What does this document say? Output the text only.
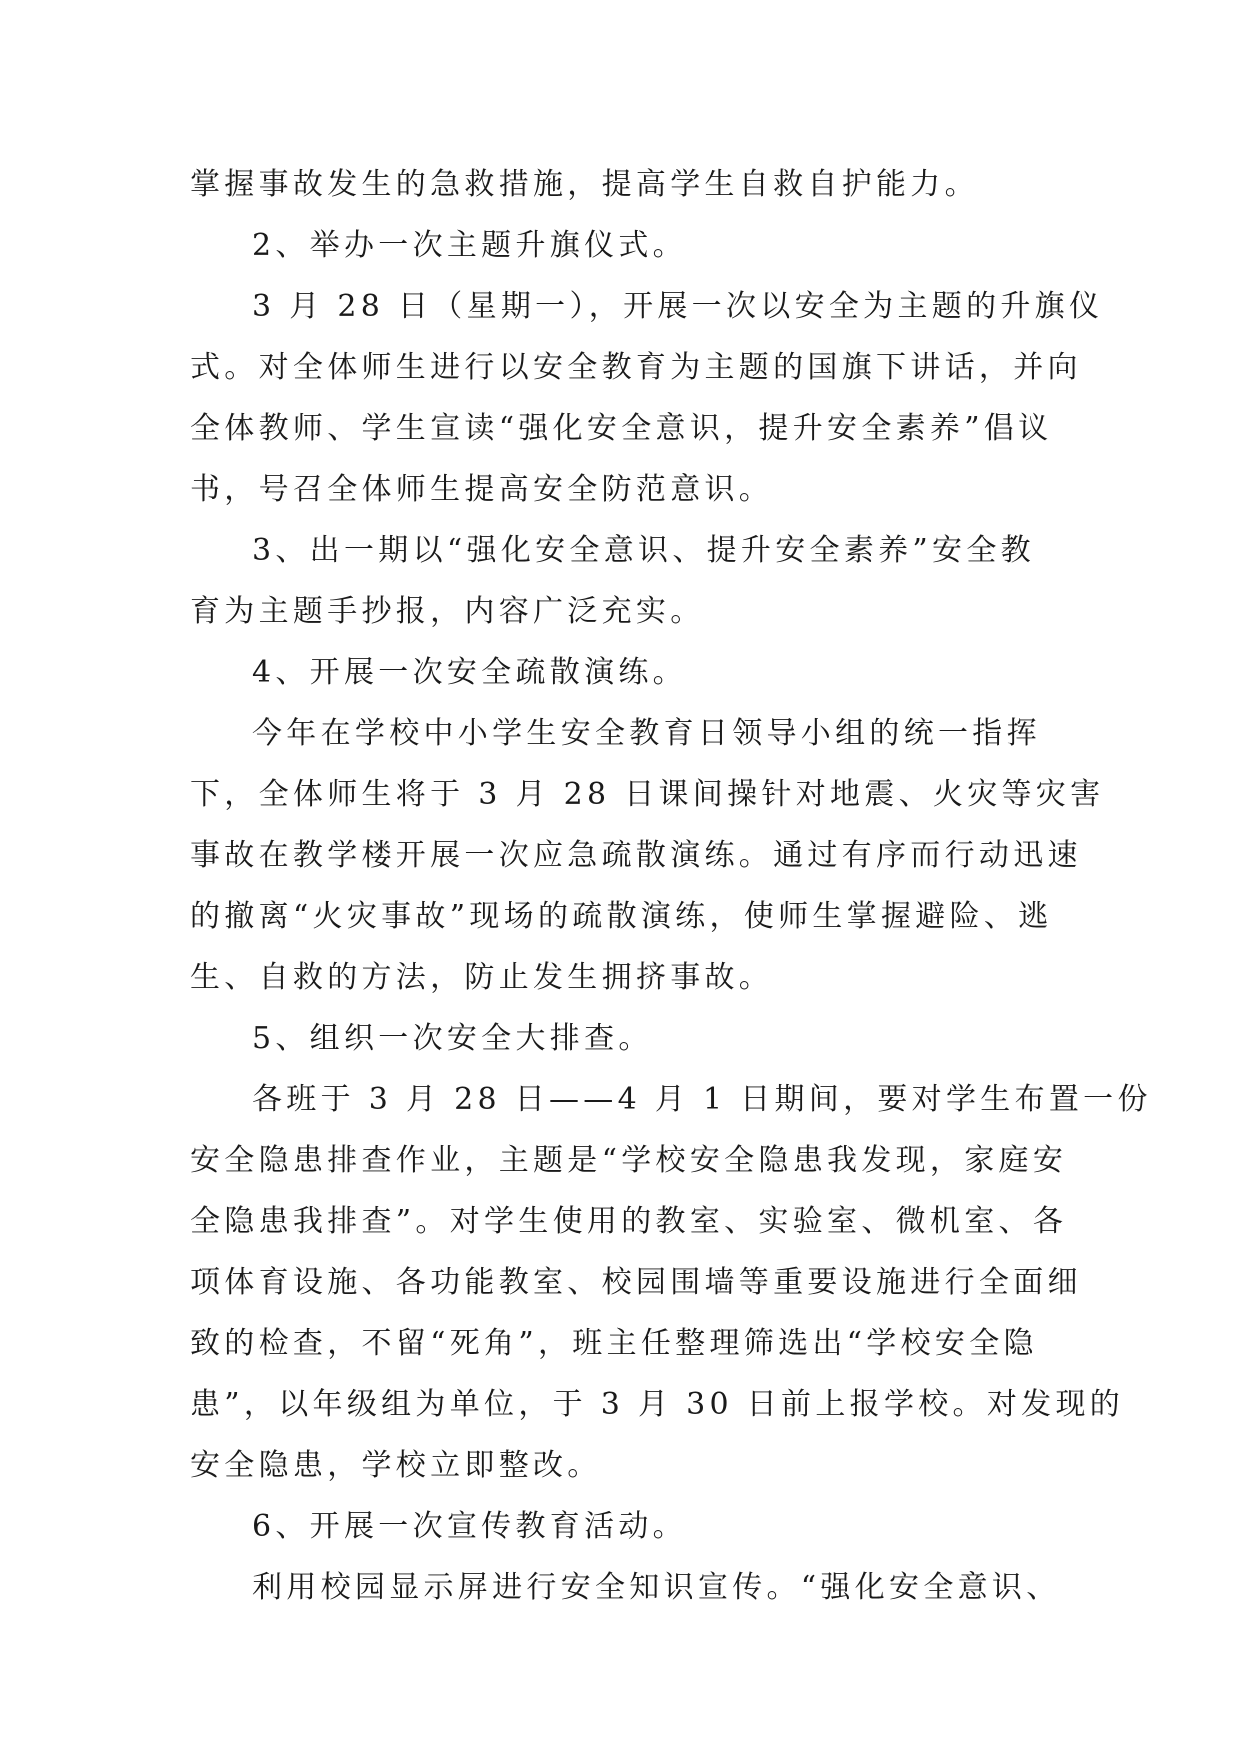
掌握事故发生的急救措施，提高学生自救自护能力。
2、举办一次主题升旗仪式。
3 月 28 日（星期一），开展一次以安全为主题的升旗仪
式。对全体师生进行以安全教育为主题的国旗下讲话，并向
全体教师、学生宣读“强化安全意识，提升安全素养”倡议
书，号召全体师生提高安全防范意识。
3、出一期以“强化安全意识、提升安全素养”安全教
育为主题手抄报，内容广泛充实。
4、开展一次安全疏散演练。
今年在学校中小学生安全教育日领导小组的统一指挥
下，全体师生将于 3 月 28 日课间操针对地震、火灾等灾害
事故在教学楼开展一次应急疏散演练。通过有序而行动迅速
的撤离“火灾事故”现场的疏散演练，使师生掌握避险、逃
生、自救的方法，防止发生拥挤事故。
5、组织一次安全大排查。
各班于 3 月 28 日——4 月 1 日期间，要对学生布置一份
安全隐患排查作业，主题是“学校安全隐患我发现，家庭安
全隐患我排查”。对学生使用的教室、实验室、微机室、各
项体育设施、各功能教室、校园围墙等重要设施进行全面细
致的检查，不留“死角”，班主任整理筛选出“学校安全隐
患”，以年级组为单位，于 3 月 30 日前上报学校。对发现的
安全隐患，学校立即整改。
6、开展一次宣传教育活动。
利用校园显示屏进行安全知识宣传。“强化安全意识、
